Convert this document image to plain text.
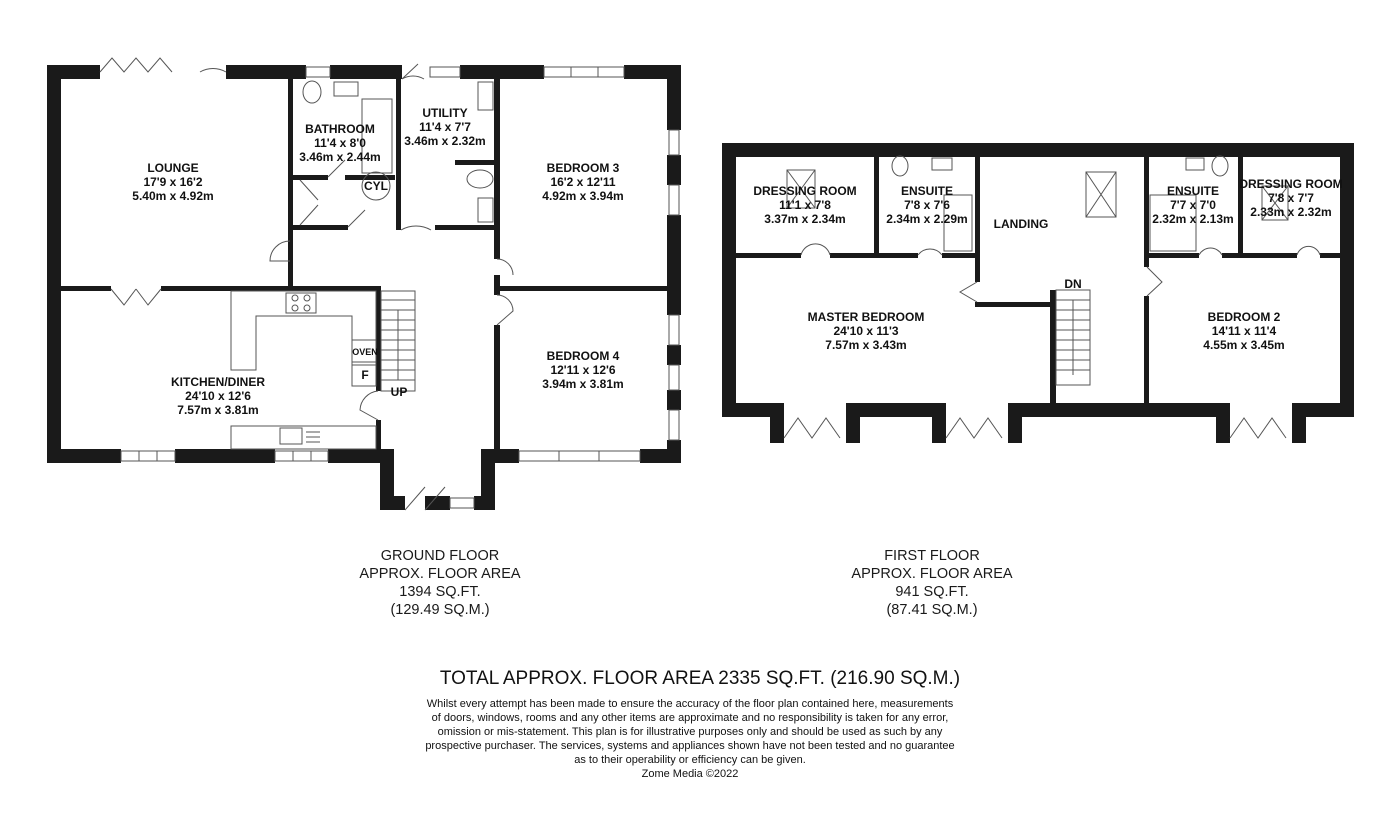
LOUNGE
17'9 x 16'2
5.40m x 4.92m
BATHROOM
11'4 x 8'0
3.46m x 2.44m
UTILITY
11'4 x 7'7
3.46m x 2.32m
BEDROOM 3
16'2 x 12'11
4.92m x 3.94m
BEDROOM 4
12'11 x 12'6
3.94m x 3.81m
KITCHEN/DINER
24'10 x 12'6
7.57m x 3.81m
DRESSING ROOM
11'1 x 7'8
3.37m x 2.34m
ENSUITE
7'8 x 7'6
2.34m x 2.29m LANDING
ENSUITE
7'7 x 7'0
2.32m x 2.13m
DRESSING ROOM
7'8 x 7'7
2.33m x 2.32m
MASTER BEDROOM
24'10 x 11'3
7.57m x 3.43m
BEDROOM 2
14'11 x 11'4
4.55m x 3.45m
CYL
OVEN
F
UP
DN
GROUND FLOOR
APPROX. FLOOR AREA
1394 SQ.FT.
(129.49 SQ.M.)
FIRST FLOOR
APPROX. FLOOR AREA
941 SQ.FT.
(87.41 SQ.M.)
TOTAL APPROX. FLOOR AREA 2335 SQ.FT. (216.90 SQ.M.)
Whilst every attempt has been made to ensure the accuracy of the floor plan contained here, measurements
of doors, windows, rooms and any other items are approximate and no responsibility is taken for any error,
omission or mis-statement. This plan is for illustrative purposes only and should be used as such by any
prospective purchaser. The services, systems and appliances shown have not been tested and no guarantee
as to their operability or efficiency can be given.
Zome Media ©2022
